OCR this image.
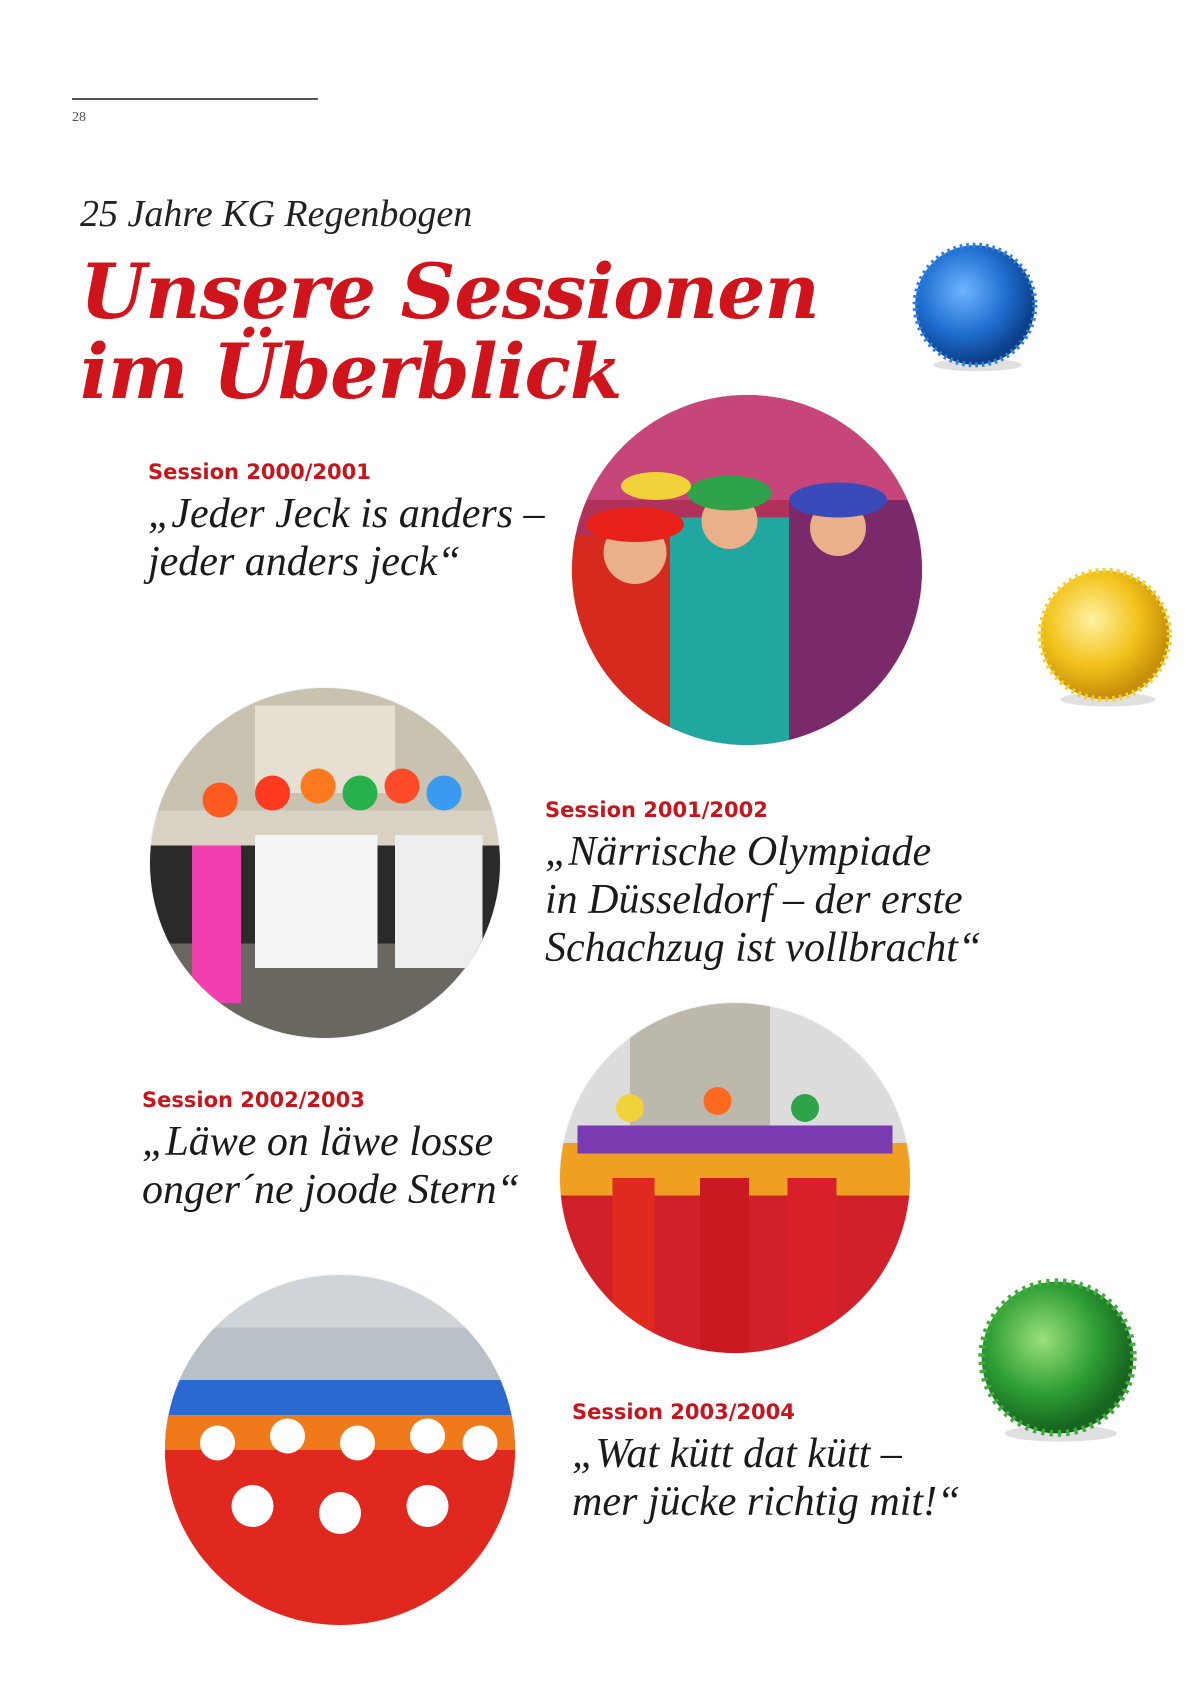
28
25 Jahre KG Regenbogen
Unsere Sessionen
im Überblick
Session 2000/2001
„Jeder Jeck is anders –
jeder anders jeck“
Session 2001/2002
„Närrische Olympiade
in Düsseldorf – der erste
Schachzug ist vollbracht“
Session 2002/2003
„Läwe on läwe losse
onger´ne joode Stern“
Session 2003/2004
„Wat kütt dat kütt –
mer jücke richtig mit!“
